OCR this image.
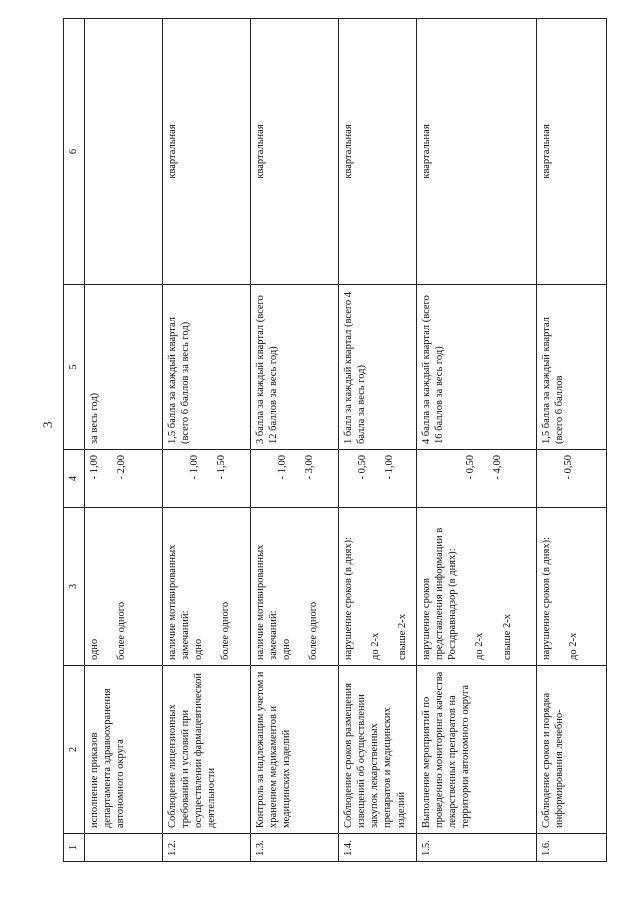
3
1	2	3	4	5	6
	исполнение приказов департамента здравоохранения автономного округа	одно более одного	- 1,00 - 2,00	за весь год)	
1.2.	Соблюдение лицензионных требований и условий при осуществлении фармацевтической деятельности	наличие мотивированных замечаний: одно более одного	- 1,00 - 1,50	1,5 балла за каждый квартал (всего 6 баллов за весь год)	квартальная
1.3.	Контроль за надлежащим учетом и хранением медикаментов и медицинских изделий	наличие мотивированных замечаний: одно более одного	- 1,00 - 3,00	3 балла за каждый квартал (всего 12 баллов за весь год)	квартальная
1.4.	Соблюдение сроков размещения извещений об осуществлении закупок лекарственных препаратов и медицинских изделий	нарушение сроков (в днях): до 2-х свыше 2-х	- 0,50 - 1,00	1 балл за каждый квартал (всего 4 балла за весь год)	квартальная
1.5.	Выполнение мероприятий по проведению мониторинга качества лекарственных препаратов на территории автономного округа	нарушение сроков представления информации в Росздравнадзор (в днях): до 2-х свыше 2-х	- 0,50 - 4,00	4 балла за каждый квартал (всего 16 баллов за весь год)	квартальная
1.6.	Соблюдение сроков и порядка информирования лечебно-	нарушение сроков (в днях): до 2-х	- 0,50	1,5 балла за каждый квартал (всего 6 баллов	квартальная
